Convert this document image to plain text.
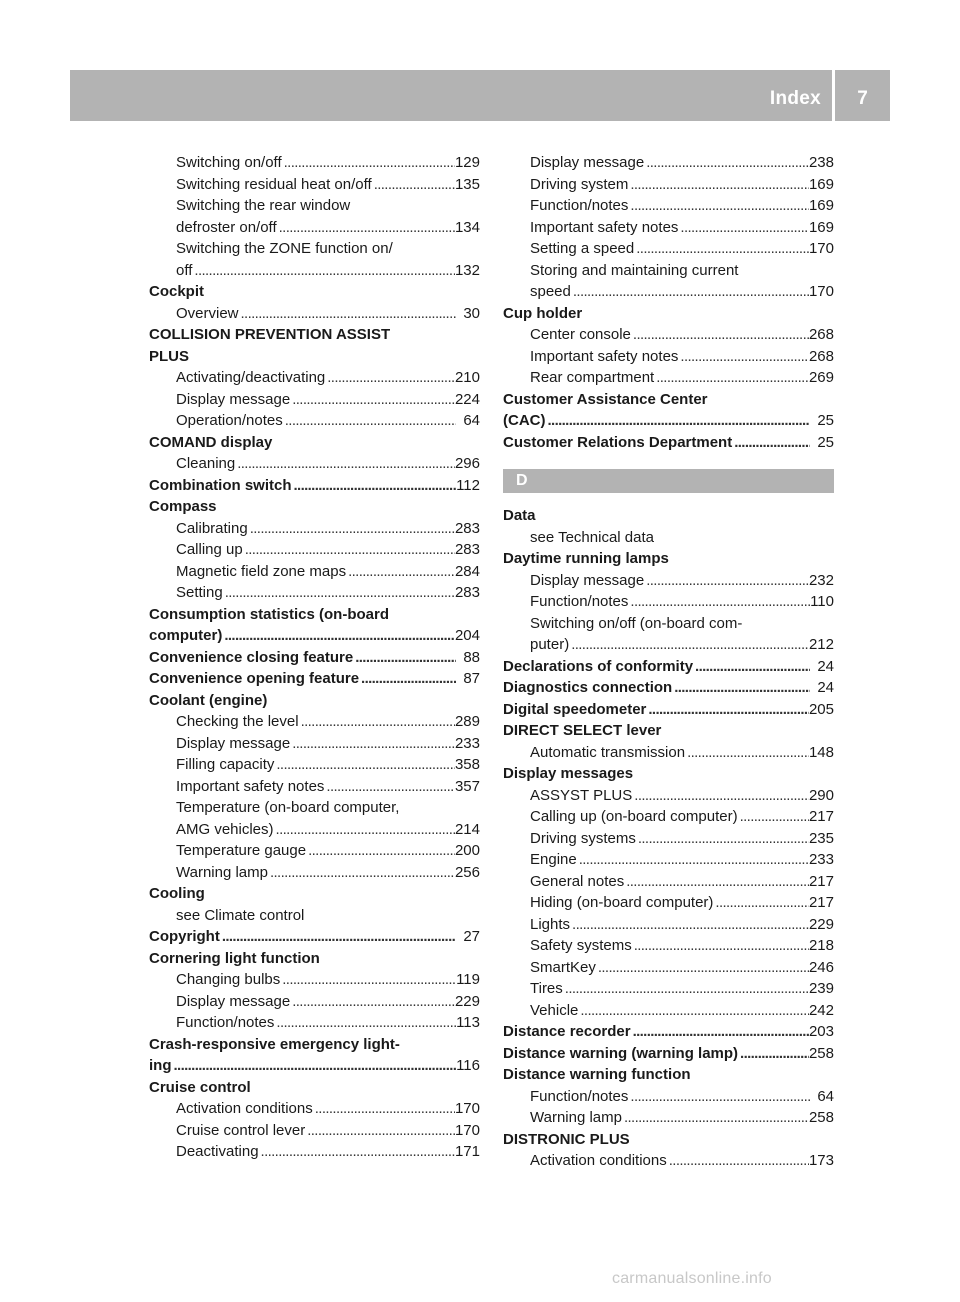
Index	7
Switching on/off . . .	129
Switching residual heat on/off . . .	135
Switching the rear window
defroster on/off . . .	134
Switching the ZONE function on/
off . . .	132
Cockpit
Overview . . .	30
COLLISION PREVENTION ASSIST
PLUS
Activating/deactivating . . .	210
Display message . . .	224
Operation/notes . . .	64
COMAND display
Cleaning . . .	296
Combination switch . . .	112
Compass
Calibrating . . .	283
Calling up . . .	283
Magnetic field zone maps . . .	284
Setting . . .	283
Consumption statistics (on-board
computer) . . .	204
Convenience closing feature . . .	88
Convenience opening feature . . .	87
Coolant (engine)
Checking the level . . .	289
Display message . . .	233
Filling capacity . . .	358
Important safety notes . . .	357
Temperature (on-board computer,
AMG vehicles) . . .	214
Temperature gauge . . .	200
Warning lamp . . .	256
Cooling
see Climate control
Copyright . . .	27
Cornering light function
Changing bulbs . . .	119
Display message . . .	229
Function/notes . . .	113
Crash-responsive emergency light-
ing . . .	116
Cruise control
Activation conditions . . .	170
Cruise control lever . . .	170
Deactivating . . .	171
Display message . . .	238
Driving system . . .	169
Function/notes . . .	169
Important safety notes . . .	169
Setting a speed . . .	170
Storing and maintaining current
speed . . .	170
Cup holder
Center console . . .	268
Important safety notes . . .	268
Rear compartment . . .	269
Customer Assistance Center
(CAC) . . .	25
Customer Relations Department . . .	25
D
Data
see Technical data
Daytime running lamps
Display message . . .	232
Function/notes . . .	110
Switching on/off (on-board com-
puter) . . .	212
Declarations of conformity . . .	24
Diagnostics connection . . .	24
Digital speedometer . . .	205
DIRECT SELECT lever
Automatic transmission . . .	148
Display messages
ASSYST PLUS . . .	290
Calling up (on-board computer) . . .	217
Driving systems . . .	235
Engine . . .	233
General notes . . .	217
Hiding (on-board computer) . . .	217
Lights . . .	229
Safety systems . . .	218
SmartKey . . .	246
Tires . . .	239
Vehicle . . .	242
Distance recorder . . .	203
Distance warning (warning lamp) . . .	258
Distance warning function
Function/notes . . .	64
Warning lamp . . .	258
DISTRONIC PLUS
Activation conditions . . .	173
carmanualsonline.info
